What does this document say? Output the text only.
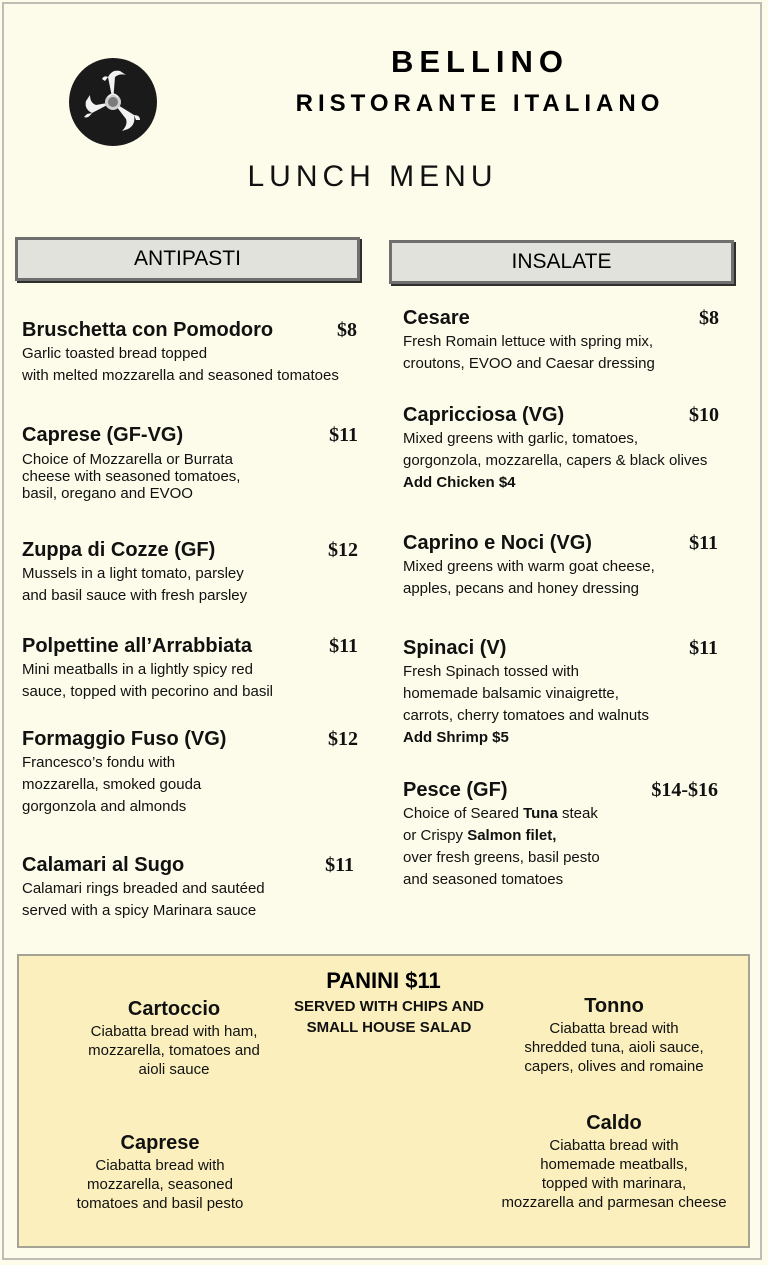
BELLINO
RISTORANTE ITALIANO
LUNCH MENU
ANTIPASTI	INSALATE
Bruschetta con Pomodoro	$8
Garlic toasted bread topped
with melted mozzarella and seasoned tomatoes
Caprese (GF-VG)	$11
Choice of Mozzarella or Burrata
cheese with seasoned tomatoes,
basil, oregano and EVOO
Zuppa di Cozze (GF)	$12
Mussels in a light tomato, parsley
and basil sauce with fresh parsley
Polpettine all’Arrabbiata	$11
Mini meatballs in a lightly spicy red
sauce, topped with pecorino and basil
Formaggio Fuso (VG)	$12
Francesco’s fondu with
mozzarella, smoked gouda
gorgonzola and almonds
Calamari al Sugo	$11
Calamari rings breaded and sautéed
served with a spicy Marinara sauce
Cesare	$8
Fresh Romain lettuce with spring mix,
croutons, EVOO and Caesar dressing
Capricciosa (VG)	$10
Mixed greens with garlic, tomatoes,
gorgonzola, mozzarella, capers & black olives
Add Chicken $4
Caprino e Noci (VG)	$11
Mixed greens with warm goat cheese,
apples, pecans and honey dressing
Spinaci (V)	$11
Fresh Spinach tossed with
homemade balsamic vinaigrette,
carrots, cherry tomatoes and walnuts
Add Shrimp $5
Pesce (GF)	$14-$16
Choice of Seared Tuna steak
or Crispy Salmon filet,
over fresh greens, basil pesto
and seasoned tomatoes
PANINI $11
SERVED WITH CHIPS AND
SMALL HOUSE SALAD
Cartoccio
Ciabatta bread with ham,
mozzarella, tomatoes and
aioli sauce
Tonno
Ciabatta bread with
shredded tuna, aioli sauce,
capers, olives and romaine
Caprese
Ciabatta bread with
mozzarella, seasoned
tomatoes and basil pesto
Caldo
Ciabatta bread with
homemade meatballs,
topped with marinara,
mozzarella and parmesan cheese
